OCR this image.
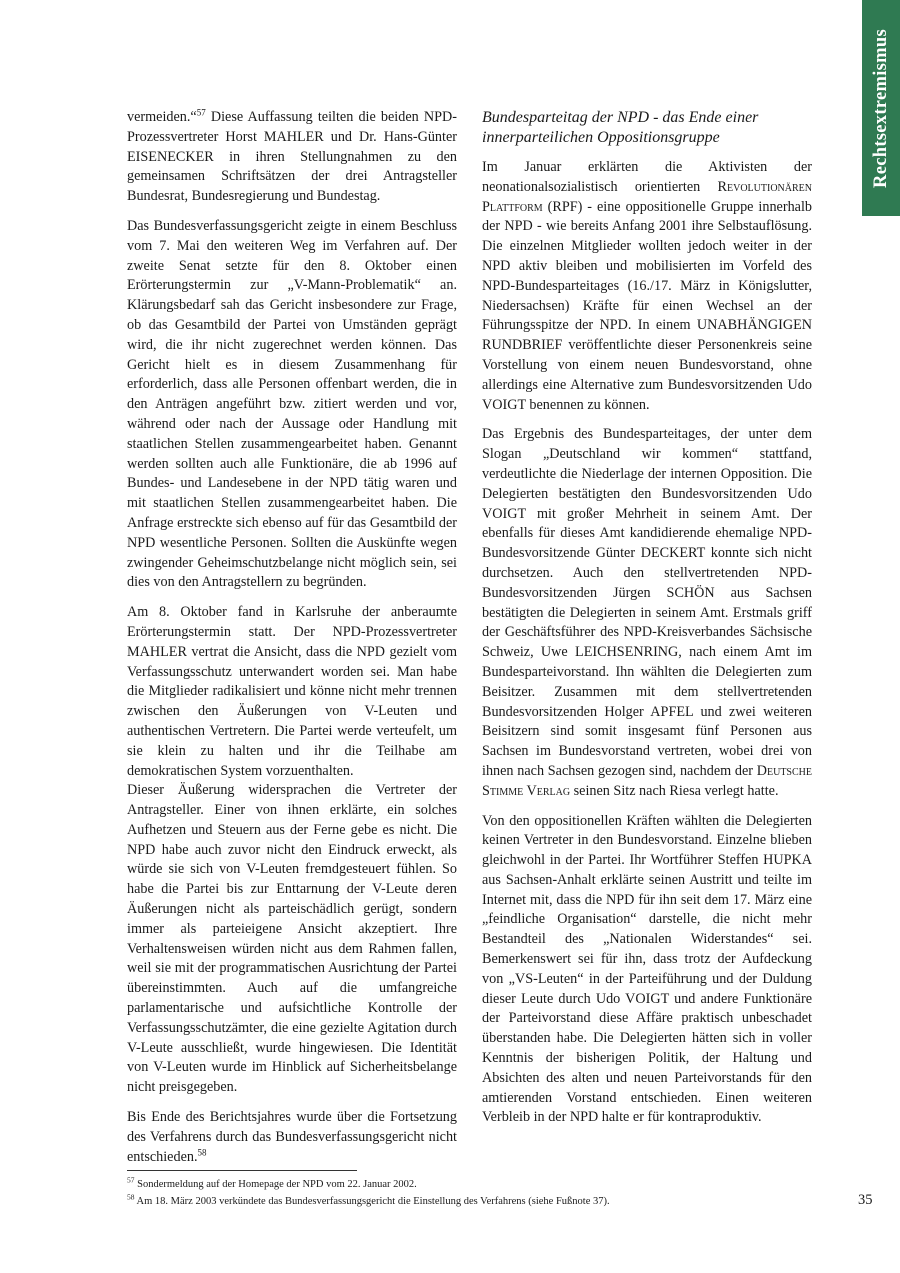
Rechtsextremismus

vermeiden.“$^{57}$ Diese Auffassung teilten die beiden NPD-Prozessvertreter Horst MAHLER und Dr. Hans-Günter EISENECKER in ihren Stellungnahmen zu den gemeinsamen Schriftsätzen der drei Antragsteller Bundesrat, Bundesregierung und Bundestag.

Das Bundesverfassungsgericht zeigte in einem Beschluss vom 7. Mai den weiteren Weg im Verfahren auf. Der zweite Senat setzte für den 8. Oktober einen Erörterungstermin zur „V-Mann-Problematik“ an. Klärungsbedarf sah das Gericht insbesondere zur Frage, ob das Gesamtbild der Partei von Umständen geprägt wird, die ihr nicht zugerechnet werden können. Das Gericht hielt es in diesem Zusammenhang für erforderlich, dass alle Personen offenbart werden, die in den Anträgen angeführt bzw. zitiert werden und vor, während oder nach der Aussage oder Handlung mit staatlichen Stellen zusammengearbeitet haben. Genannt werden sollten auch alle Funktionäre, die ab 1996 auf Bundes- und Landesebene in der NPD tätig waren und mit staatlichen Stellen zusammengearbeitet haben. Die Anfrage erstreckte sich ebenso auf für das Gesamtbild der NPD wesentliche Personen. Sollten die Auskünfte wegen zwingender Geheimschutzbelange nicht möglich sein, sei dies von den Antragstellern zu begründen.

Am 8. Oktober fand in Karlsruhe der anberaumte Erörterungstermin statt. Der NPD-Prozessvertreter MAHLER vertrat die Ansicht, dass die NPD gezielt vom Verfassungsschutz unterwandert worden sei. Man habe die Mitglieder radikalisiert und könne nicht mehr trennen zwischen den Äußerungen von V-Leuten und authentischen Vertretern. Die Partei werde verteufelt, um sie klein zu halten und ihr die Teilhabe am demokratischen System vorzuenthalten.

Dieser Äußerung widersprachen die Vertreter der Antragsteller. Einer von ihnen erklärte, ein solches Aufhetzen und Steuern aus der Ferne gebe es nicht. Die NPD habe auch zuvor nicht den Eindruck erweckt, als würde sie sich von V-Leuten fremdgesteuert fühlen. So habe die Partei bis zur Enttarnung der V-Leute deren Äußerungen nicht als parteischädlich gerügt, sondern immer als parteieigene Ansicht akzeptiert. Ihre Verhaltensweisen würden nicht aus dem Rahmen fallen, weil sie mit der programmatischen Ausrichtung der Partei übereinstimmten. Auch auf die umfangreiche parlamentarische und aufsichtliche Kontrolle der Verfassungsschutzämter, die eine gezielte Agitation durch V-Leute ausschließt, wurde hingewiesen. Die Identität von V-Leuten wurde im Hinblick auf Sicherheitsbelange nicht preisgegeben.

Bis Ende des Berichtsjahres wurde über die Fortsetzung des Verfahrens durch das Bundesverfassungsgericht nicht entschieden.$^{58}$

Bundesparteitag der NPD - das Ende einer innerparteilichen Oppositionsgruppe

Im Januar erklärten die Aktivisten der neonationalsozialistisch orientierten Revolutionären Plattform (RPF) - eine oppositionelle Gruppe innerhalb der NPD - wie bereits Anfang 2001 ihre Selbstauflösung. Die einzelnen Mitglieder wollten jedoch weiter in der NPD aktiv bleiben und mobilisierten im Vorfeld des NPD-Bundesparteitages (16./17. März in Königslutter, Niedersachsen) Kräfte für einen Wechsel an der Führungsspitze der NPD. In einem UNABHÄNGIGEN RUNDBRIEF veröffentlichte dieser Personenkreis seine Vorstellung von einem neuen Bundesvorstand, ohne allerdings eine Alternative zum Bundesvorsitzenden Udo VOIGT benennen zu können.

Das Ergebnis des Bundesparteitages, der unter dem Slogan „Deutschland wir kommen“ stattfand, verdeutlichte die Niederlage der internen Opposition. Die Delegierten bestätigten den Bundesvorsitzenden Udo VOIGT mit großer Mehrheit in seinem Amt. Der ebenfalls für dieses Amt kandidierende ehemalige NPD-Bundesvorsitzende Günter DECKERT konnte sich nicht durchsetzen. Auch den stellvertretenden NPD-Bundesvorsitzenden Jürgen SCHÖN aus Sachsen bestätigten die Delegierten in seinem Amt. Erstmals griff der Geschäftsführer des NPD-Kreisverbandes Sächsische Schweiz, Uwe LEICHSENRING, nach einem Amt im Bundesparteivorstand. Ihn wählten die Delegierten zum Beisitzer. Zusammen mit dem stellvertretenden Bundesvorsitzenden Holger APFEL und zwei weiteren Beisitzern sind somit insgesamt fünf Personen aus Sachsen im Bundesvorstand vertreten, wobei drei von ihnen nach Sachsen gezogen sind, nachdem der Deutsche Stimme Verlag seinen Sitz nach Riesa verlegt hatte.

Von den oppositionellen Kräften wählten die Delegierten keinen Vertreter in den Bundesvorstand. Einzelne blieben gleichwohl in der Partei. Ihr Wortführer Steffen HUPKA aus Sachsen-Anhalt erklärte seinen Austritt und teilte im Internet mit, dass die NPD für ihn seit dem 17. März eine „feindliche Organisation“ darstelle, die nicht mehr Bestandteil des „Nationalen Widerstandes“ sei. Bemerkenswert sei für ihn, dass trotz der Aufdeckung von „VS-Leuten“ in der Parteiführung und der Duldung dieser Leute durch Udo VOIGT und andere Funktionäre der Parteivorstand diese Affäre praktisch unbeschadet überstanden habe. Die Delegierten hätten sich in voller Kenntnis der bisherigen Politik, der Haltung und Absichten des alten und neuen Parteivorstands für den amtierenden Vorstand entschieden. Einen weiteren Verbleib in der NPD halte er für kontraproduktiv.

$^{57}$ Sondermeldung auf der Homepage der NPD vom 22. Januar 2002.
$^{58}$ Am 18. März 2003 verkündete das Bundesverfassungsgericht die Einstellung des Verfahrens (siehe Fußnote 37).	35
